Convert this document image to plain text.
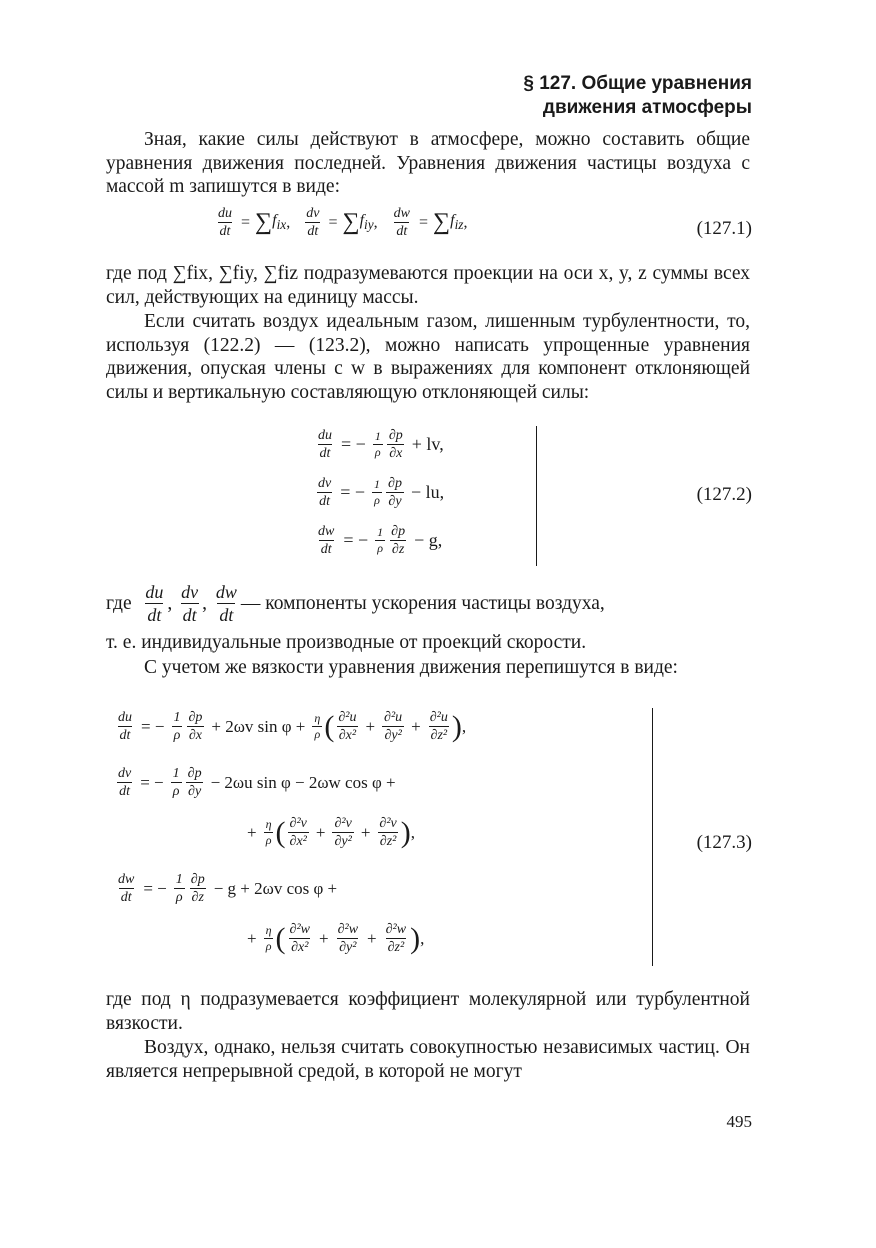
§ 127. Общие уравнения
движения атмосферы

Зная, какие силы действуют в атмосфере, можно составить общие уравнения движения последней. Уравнения движения частицы воздуха с массой m запишутся в виде:

$\frac{du}{dt}$ = ∑ $f_{ix}$ , $\frac{dv}{dt}$ = ∑ $f_{iy}$ , $\frac{dw}{dt}$ = ∑ $f_{iz}$ ,	(127.1)

где под ∑fix, ∑fiy, ∑fiz подразумеваются проекции на оси x, y, z суммы всех сил, действующих на единицу массы.

Если считать воздух идеальным газом, лишенным турбулентности, то, используя (122.2) — (123.2), можно написать упрощенные уравнения движения, опуская члены с w в выражениях для компонент отклоняющей силы и вертикальную составляющую отклоняющей силы:

$\frac{du}{dt}$ = − $\frac{1}{\rho} \frac{\partial p}{\partial x}$ + lv,
$\frac{dv}{dt}$ = − $\frac{1}{\rho} \frac{\partial p}{\partial y}$ − lu,
$\frac{dw}{dt}$ = − $\frac{1}{\rho} \frac{\partial p}{\partial z} - g$,
(127.2)
где
$\frac{du}{dt}$ , $\frac{dv}{dt}$ , $\frac{dw}{dt}$ — компоненты ускорения частицы воздуха,

т. е. индивидуальные производные от проекций скорости.

С учетом же вязкости уравнения движения перепишутся в виде:

$\frac{du}{dt}$ = − $\frac{1}{\rho} \frac{\partial p}{\partial x} + 2\omega v$ $\sin \varphi + \frac{\eta}{\rho}$ ( $\frac{\text{∂²u}}{\text{∂x²}} + \frac{\text{∂²u}}{\text{∂y²}} + \frac{\text{∂²u}}{\text{∂z²}}$ ) ,
$\frac{dv}{dt}$ = − $\frac{1}{\rho} \frac{\partial p}{\partial y} - 2\omega u$ sin φ − 2ωw cos φ +
+ $\frac{\eta}{\rho}$ ( $\frac{\text{∂²v}}{\text{∂x²}} + \frac{\text{∂²v}}{\text{∂y²}} + \frac{\text{∂²v}}{\text{∂z²}}$ ) ,
$\frac{dw}{dt}$ = − $\frac{1}{\rho} \frac{\partial p}{\partial z} - g + 2\omega v$ cos φ +
+ $\frac{\eta}{\rho}$ ( $\frac{\text{∂²w}}{\text{∂x²}} + \frac{\text{∂²w}}{\text{∂y²}} + \frac{\text{∂²w}}{\text{∂z²}}$ ) ,
(127.3)

где под η подразумевается коэффициент молекулярной или турбулентной вязкости.

Воздух, однако, нельзя считать совокупностью независимых частиц. Он является непрерывной средой, в которой не могут

495
